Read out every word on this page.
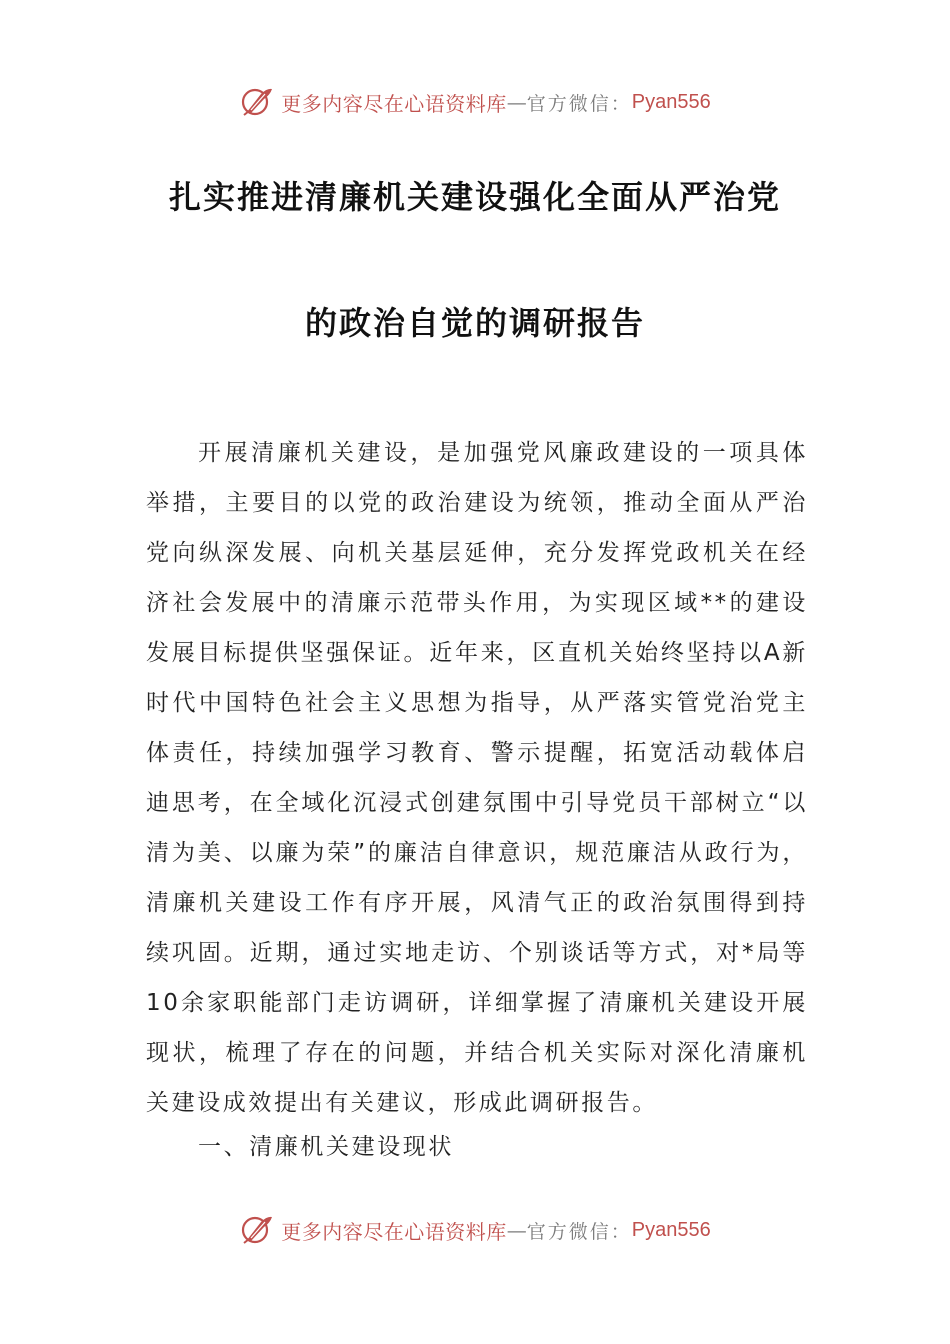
更多内容尽在心语资料库 — 官方微信： Pyan556
扎实推进清廉机关建设强化全面从严治党
的政治自觉的调研报告

开展清廉机关建设，是加强党风廉政建设的一项具体举措，主要目的以党的政治建设为统领，推动全面从严治党向纵深发展、向机关基层延伸，充分发挥党政机关在经济社会发展中的清廉示范带头作用，为实现区域**的建设发展目标提供坚强保证。近年来，区直机关始终坚持以A新时代中国特色社会主义思想为指导，从严落实管党治党主体责任，持续加强学习教育、警示提醒，拓宽活动载体启迪思考，在全域化沉浸式创建氛围中引导党员干部树立“以清为美、以廉为荣”的廉洁自律意识，规范廉洁从政行为，清廉机关建设工作有序开展，风清气正的政治氛围得到持续巩固。近期，通过实地走访、个别谈话等方式，对*局等10余家职能部门走访调研，详细掌握了清廉机关建设开展现状，梳理了存在的问题，并结合机关实际对深化清廉机关建设成效提出有关建议，形成此调研报告。

一、清廉机关建设现状

更多内容尽在心语资料库 — 官方微信： Pyan556
